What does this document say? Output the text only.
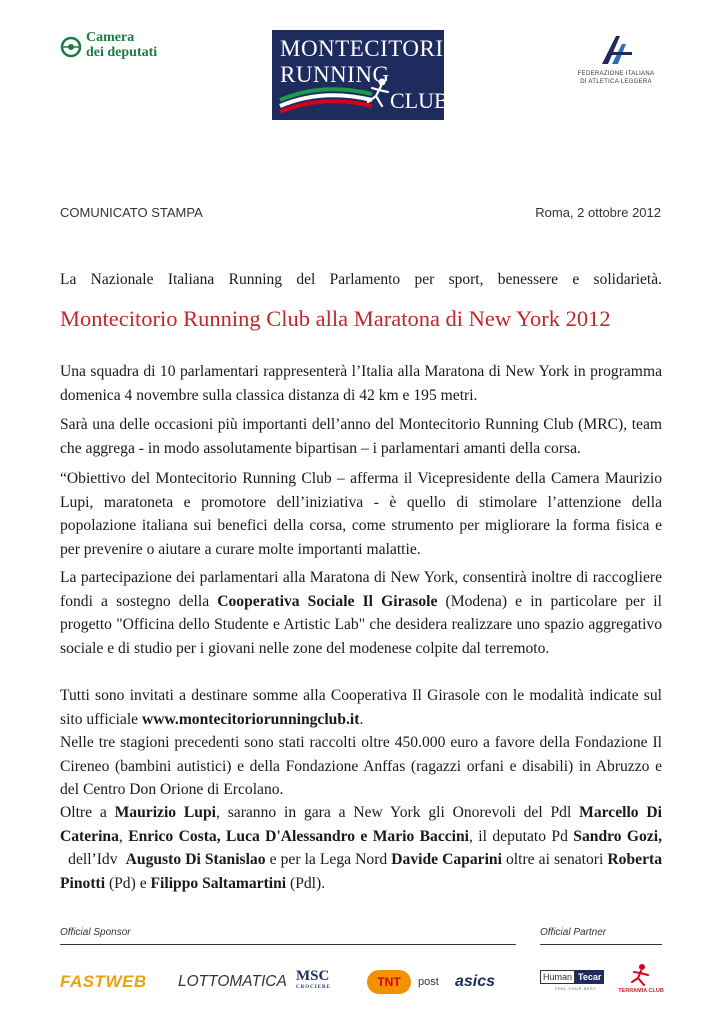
Camera
dei deputati	MONTECITORIO
RUNNING
CLUB
FEDERAZIONE ITALIANA
DI ATLETICA LEGGERA
COMUNICATO STAMPA	Roma, 2 ottobre 2012
La Nazionale Italiana Running del Parlamento per sport, benessere e solidarietà.
Montecitorio Running Club alla Maratona di New York 2012
Una squadra di 10 parlamentari rappresenterà l’Italia alla Maratona di New York in programma domenica 4 novembre sulla classica distanza di 42 km e 195 metri.
Sarà una delle occasioni più importanti dell’anno del Montecitorio Running Club (MRC), team che aggrega - in modo assolutamente bipartisan – i parlamentari amanti della corsa.
“Obiettivo del Montecitorio Running Club – afferma il Vicepresidente della Camera Maurizio Lupi, maratoneta e promotore dell’iniziativa - è quello di stimolare l’attenzione della popolazione italiana sui benefici della corsa, come strumento per migliorare la forma fisica e per prevenire o aiutare a curare molte importanti malattie.
La partecipazione dei parlamentari alla Maratona di New York, consentirà inoltre di raccogliere fondi a sostegno della Cooperativa Sociale Il Girasole (Modena) e in particolare per il progetto "Officina dello Studente e Artistic Lab" che desidera realizzare uno spazio aggregativo sociale e di studio per i giovani nelle zone del modenese colpite dal terremoto.
Tutti sono invitati a destinare somme alla Cooperativa Il Girasole con le modalità indicate sul sito ufficiale www.montecitoriorunningclub.it.
Nelle tre stagioni precedenti sono stati raccolti oltre 450.000 euro a favore della Fondazione Il Cireneo (bambini autistici) e della Fondazione Anffas (ragazzi orfani e disabili) in Abruzzo e del Centro Don Orione di Ercolano.
Oltre a Maurizio Lupi, saranno in gara a New York gli Onorevoli del Pdl Marcello Di Caterina, Enrico Costa, Luca D'Alessandro e Mario Baccini, il deputato Pd Sandro Gozi,  dell’Idv  Augusto Di Stanislao e per la Lega Nord Davide Caparini oltre ai senatori Roberta Pinotti (Pd) e Filippo Saltamartini (Pdl).
Official Sponsor	Official Partner
FASTWEB LOTTOMATICA MSC
CROCIERE	TNT	post asics	Human Tecar
FEEL YOUR BEST	TERRAMIA CLUB
